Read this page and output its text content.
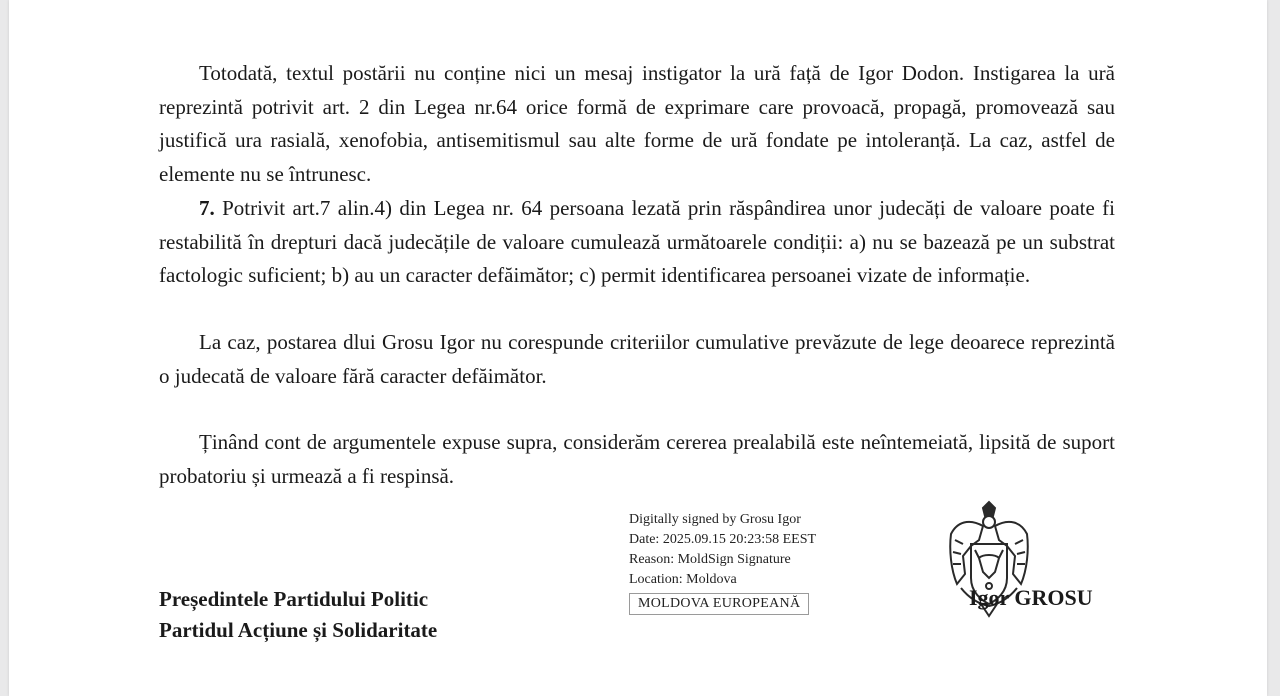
Totodată, textul postării nu conține nici un mesaj instigator la ură față de Igor Dodon. Instigarea la ură reprezintă potrivit art. 2 din Legea nr.64 orice formă de exprimare care provoacă, propagă, promovează sau justifică ura rasială, xenofobia, antisemitismul sau alte forme de ură fondate pe intoleranță. La caz, astfel de elemente nu se întrunesc.

7. Potrivit art.7 alin.4) din Legea nr. 64 persoana lezată prin răspândirea unor judecăți de valoare poate fi restabilită în drepturi dacă judecățile de valoare cumulează următoarele condiții: a) nu se bazează pe un substrat factologic suficient; b) au un caracter defăimător; c) permit identificarea persoanei vizate de informație.

La caz, postarea dlui Grosu Igor nu corespunde criteriilor cumulative prevăzute de lege deoarece reprezintă o judecată de valoare fără caracter defăimător.

Ținând cont de argumentele expuse supra, considerăm cererea prealabilă este neîntemeiată, lipsită de suport probatoriu și urmează a fi respinsă.

Președintele Partidului Politic
Partidul Acțiune și Solidaritate
Digitally signed by Grosu Igor
Date: 2025.09.15 20:23:58 EEST
Reason: MoldSign Signature
Location: Moldova
MOLDOVA EUROPEANĂ	Igor GROSU
